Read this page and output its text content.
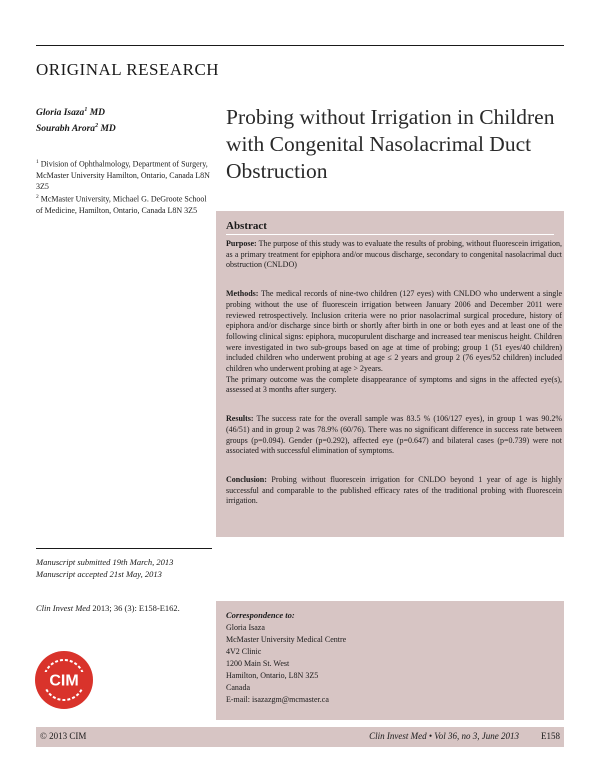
ORIGINAL RESEARCH
Gloria Isaza$^1$ MD
Sourabh Arora$^2$ MD

$^1$ Division of Ophthalmology, Department of Surgery, McMaster University Hamilton, Ontario, Canada L8N 3Z5

$^2$ McMaster University, Michael G. DeGroote School of Medicine, Hamilton, Ontario, Canada L8N 3Z5

Probing without Irrigation in Children with Congenital Nasolacrimal Duct Obstruction
Abstract

Purpose: The purpose of this study was to evaluate the results of probing, without fluorescein irrigation, as a primary treatment for epiphora and/or mucous discharge, secondary to congenital nasolacrimal duct obstruction (CNLDO)

Methods: The medical records of nine-two children (127 eyes) with CNLDO who underwent a single probing without the use of fluorescein irrigation between January 2006 and December 2011 were reviewed retrospectively. Inclusion criteria were no prior nasolacrimal surgical procedure, history of epiphora and/or discharge since birth or shortly after birth in one or both eyes and at least one of the following clinical signs: epiphora, mucopurulent discharge and increased tear meniscus height. Children were investigated in two sub-groups based on age at time of probing; group 1 (51 eyes/40 children) included children who underwent probing at age ≤ 2 years and group 2 (76 eyes/52 children) included children who underwent probing at age > 2years.

The primary outcome was the complete disappearance of symptoms and signs in the affected eye(s), assessed at 3 months after surgery.

Results: The success rate for the overall sample was 83.5 % (106/127 eyes), in group 1 was 90.2% (46/51) and in group 2 was 78.9% (60/76). There was no significant difference in success rate between groups (p=0.094). Gender (p=0.292), affected eye (p=0.647) and bilateral cases (p=0.739) were not associated with successful elimination of symptoms.

Conclusion: Probing without fluorescein irrigation for CNLDO beyond 1 year of age is highly successful and comparable to the published efficacy rates of the traditional probing with fluorescein irrigation.

Manuscript submitted 19th March, 2013
Manuscript accepted 21st May, 2013
Clin Invest Med 2013; 36 (3): E158-E162.
CIM
Correspondence to:
Gloria Isaza
McMaster University Medical Centre
4V2 Clinic
1200 Main St. West
Hamilton, Ontario, L8N 3Z5
Canada
E-mail: isazazgm@mcmaster.ca
© 2013 CIM	Clin Invest Med • Vol 36, no 3, June 2013 E158
